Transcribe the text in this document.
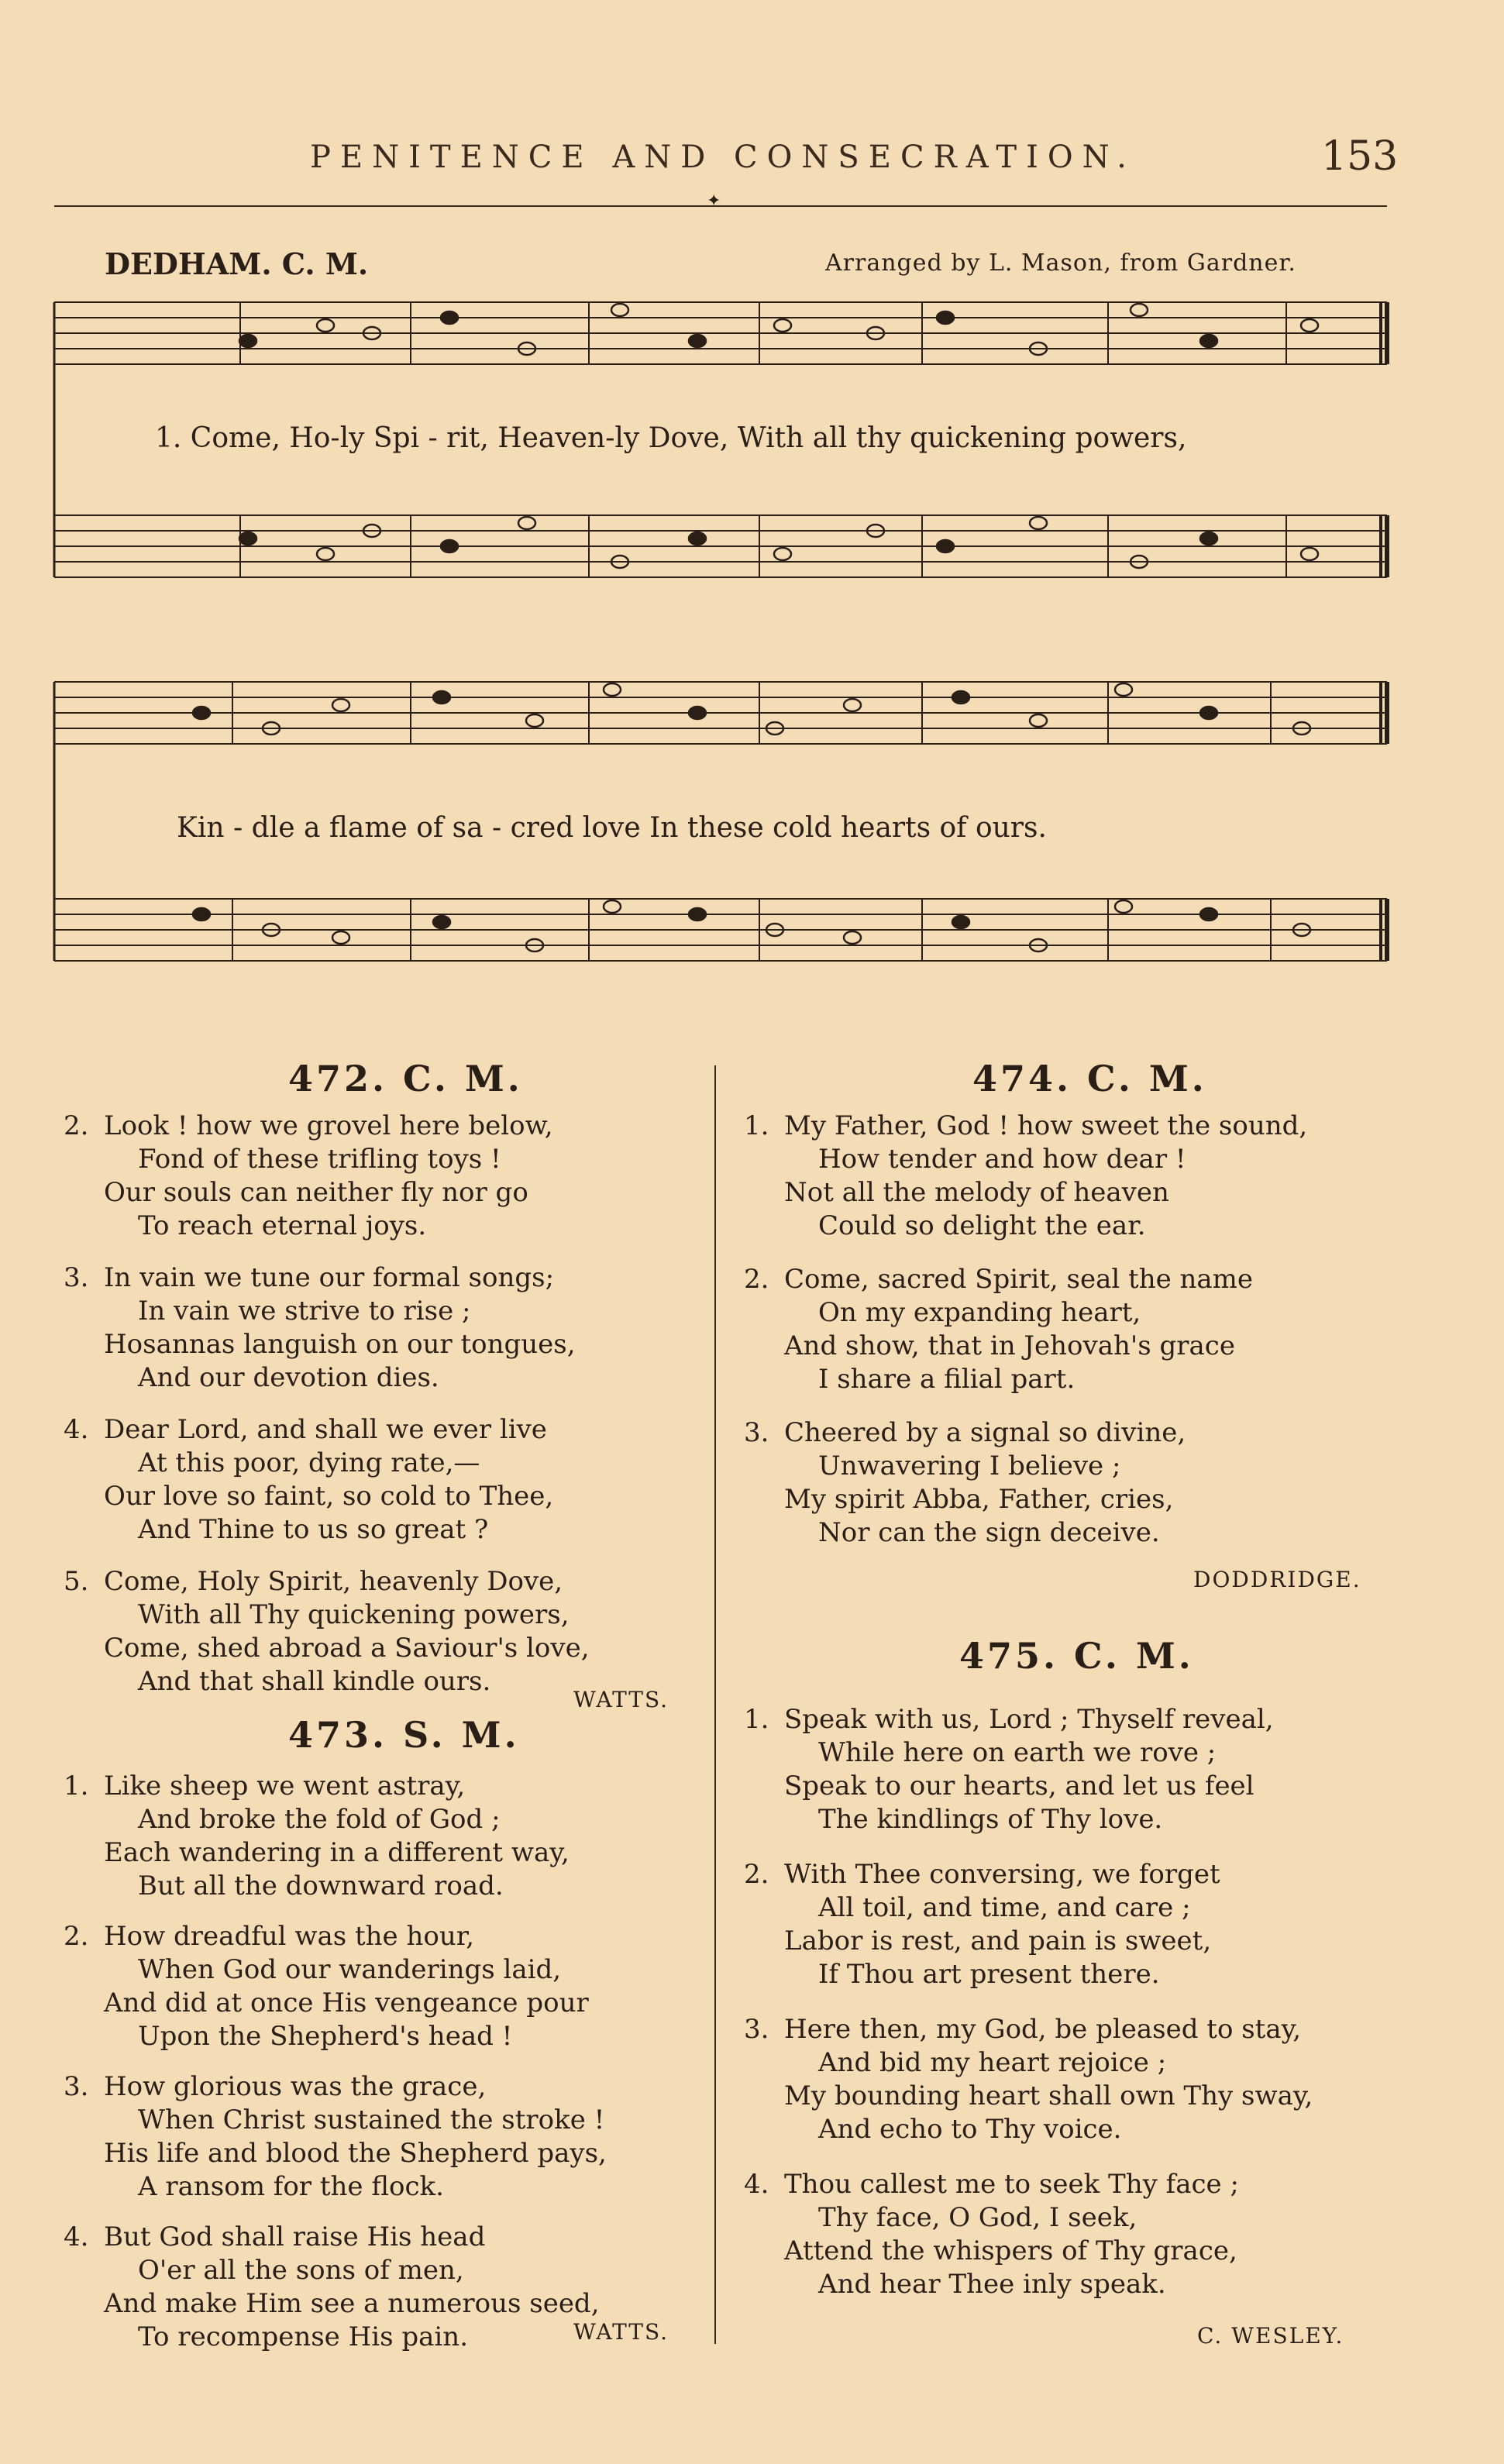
PENITENCE AND CONSECRATION.	153
✦
DEDHAM. C. M.	Arranged by L. Mason, from Gardner.
1. Come, Ho-ly Spi - rit, Heaven-ly Dove, With all thy quickening powers,
Kin - dle a flame of sa - cred love In these cold hearts of ours.
472. C. M.
2. Look ! how we grovel here below,
Fond of these trifling toys !
Our souls can neither fly nor go
To reach eternal joys.
3. In vain we tune our formal songs;
In vain we strive to rise ;
Hosannas languish on our tongues,
And our devotion dies.
4. Dear Lord, and shall we ever live
At this poor, dying rate,—
Our love so faint, so cold to Thee,
And Thine to us so great ?
5. Come, Holy Spirit, heavenly Dove,
With all Thy quickening powers,
Come, shed abroad a Saviour's love,
And that shall kindle ours.
WATTS.
473. S. M.
1. Like sheep we went astray,
And broke the fold of God ;
Each wandering in a different way,
But all the downward road.
2. How dreadful was the hour,
When God our wanderings laid,
And did at once His vengeance pour
Upon the Shepherd's head !
3. How glorious was the grace,
When Christ sustained the stroke !
His life and blood the Shepherd pays,
A ransom for the flock.
4. But God shall raise His head
O'er all the sons of men,
And make Him see a numerous seed,
To recompense His pain.	WATTS.
474. C. M.
1. My Father, God ! how sweet the sound,
How tender and how dear !
Not all the melody of heaven
Could so delight the ear.
2. Come, sacred Spirit, seal the name
On my expanding heart,
And show, that in Jehovah's grace
I share a filial part.
3. Cheered by a signal so divine,
Unwavering I believe ;
My spirit Abba, Father, cries,
Nor can the sign deceive.
DODDRIDGE.
475. C. M.
1. Speak with us, Lord ; Thyself reveal,
While here on earth we rove ;
Speak to our hearts, and let us feel
The kindlings of Thy love.
2. With Thee conversing, we forget
All toil, and time, and care ;
Labor is rest, and pain is sweet,
If Thou art present there.
3. Here then, my God, be pleased to stay,
And bid my heart rejoice ;
My bounding heart shall own Thy sway,
And echo to Thy voice.
4. Thou callest me to seek Thy face ;
Thy face, O God, I seek,
Attend the whispers of Thy grace,
And hear Thee inly speak.
C. WESLEY.
